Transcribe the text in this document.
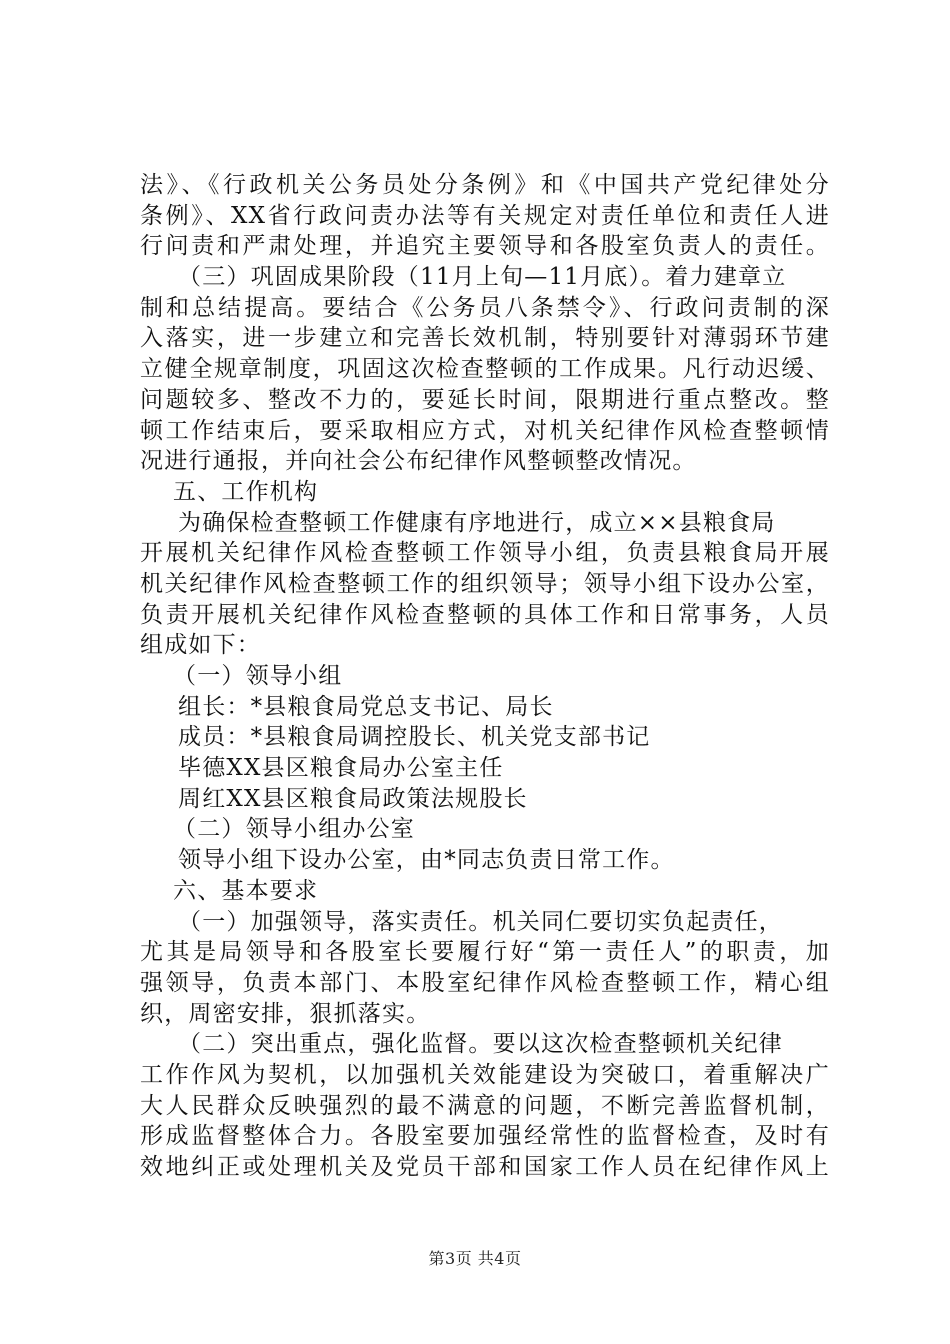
法》、《行政机关公务员处分条例》和《中国共产党纪律处分
条例》、XX省行政问责办法等有关规定对责任单位和责任人进
行问责和严肃处理，并追究主要领导和各股室负责人的责任。
（三）巩固成果阶段（11月上旬—11月底）。着力建章立
制和总结提高。要结合《公务员八条禁令》、行政问责制的深
入落实，进一步建立和完善长效机制，特别要针对薄弱环节建
立健全规章制度，巩固这次检查整顿的工作成果。凡行动迟缓、
问题较多、整改不力的，要延长时间，限期进行重点整改。整
顿工作结束后，要采取相应方式，对机关纪律作风检查整顿情
况进行通报，并向社会公布纪律作风整顿整改情况。
五、工作机构
为确保检查整顿工作健康有序地进行，成立××县粮食局
开展机关纪律作风检查整顿工作领导小组，负责县粮食局开展
机关纪律作风检查整顿工作的组织领导；领导小组下设办公室，
负责开展机关纪律作风检查整顿的具体工作和日常事务，人员
组成如下：
（一）领导小组
组长：*县粮食局党总支书记、局长
成员：*县粮食局调控股长、机关党支部书记
毕德XX县区粮食局办公室主任
周红XX县区粮食局政策法规股长
（二）领导小组办公室
领导小组下设办公室，由*同志负责日常工作。
六、基本要求
（一）加强领导，落实责任。机关同仁要切实负起责任，
尤其是局领导和各股室长要履行好“第一责任人”的职责，加
强领导，负责本部门、本股室纪律作风检查整顿工作，精心组
织，周密安排，狠抓落实。
（二）突出重点，强化监督。要以这次检查整顿机关纪律
工作作风为契机，以加强机关效能建设为突破口，着重解决广
大人民群众反映强烈的最不满意的问题，不断完善监督机制，
形成监督整体合力。各股室要加强经常性的监督检查，及时有
效地纠正或处理机关及党员干部和国家工作人员在纪律作风上
第3页 共4页
